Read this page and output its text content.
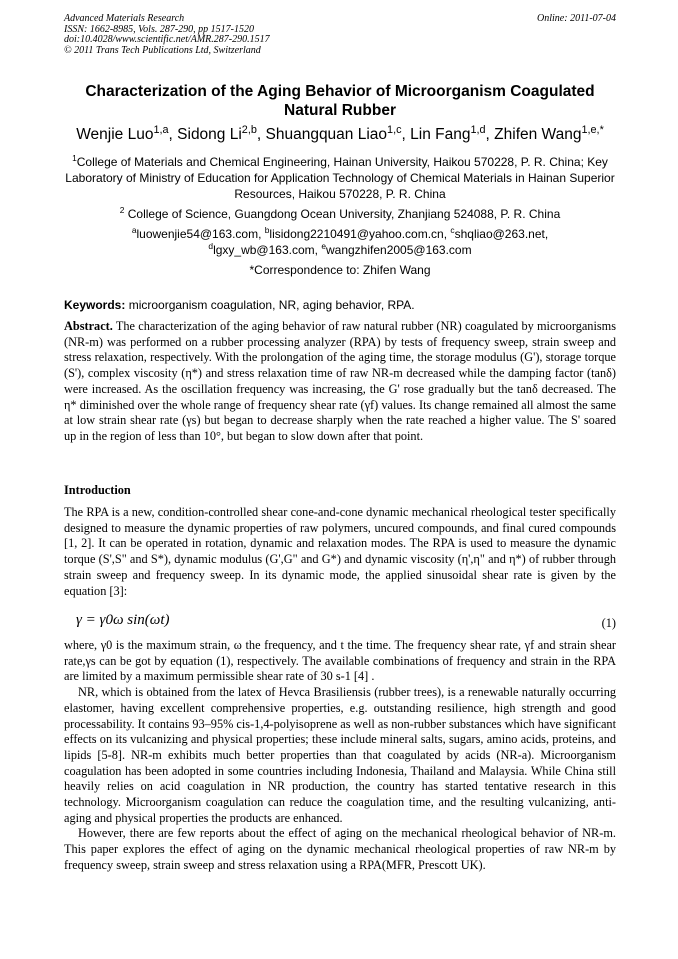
Advanced Materials Research
ISSN: 1662-8985, Vols. 287-290, pp 1517-1520
doi:10.4028/www.scientific.net/AMR.287-290.1517
© 2011 Trans Tech Publications Ltd, Switzerland
Online: 2011-07-04
Characterization of the Aging Behavior of Microorganism Coagulated Natural Rubber
Wenjie Luo$^{1,a}$, Sidong Li$^{2,b}$, Shuangquan Liao$^{1,c}$, Lin Fang$^{1,d}$, Zhifen Wang$^{1,e,*}$
$^1$College of Materials and Chemical Engineering, Hainan University, Haikou 570228, P. R. China; Key Laboratory of Ministry of Education for Application Technology of Chemical Materials in Hainan Superior Resources, Haikou 570228, P. R. China
$^2$ College of Science, Guangdong Ocean University, Zhanjiang 524088, P. R. China
$^a$luowenjie54@163.com, $^b$lisidong2210491@yahoo.com.cn, $^c$shqliao@263.net, $^d$lgxy_wb@163.com, $^e$wangzhifen2005@163.com
*Correspondence to: Zhifen Wang
Keywords: microorganism coagulation, NR, aging behavior, RPA.
Abstract. The characterization of the aging behavior of raw natural rubber (NR) coagulated by microorganisms (NR-m) was performed on a rubber processing analyzer (RPA) by tests of frequency sweep, strain sweep and stress relaxation, respectively. With the prolongation of the aging time, the storage modulus (G'), storage torque (S'), complex viscosity (η*) and stress relaxation time of raw NR-m decreased while the damping factor (tanδ) were increased. As the oscillation frequency was increasing, the G' rose gradually but the tanδ decreased. The η* diminished over the whole range of frequency shear rate (γf) values. Its change remained all almost the same at low strain shear rate (γs) but began to decrease sharply when the rate reached a higher value. The S' soared up in the region of less than 10°, but began to slow down after that point.
Introduction
The RPA is a new, condition-controlled shear cone-and-cone dynamic mechanical rheological tester specifically designed to measure the dynamic properties of raw polymers, uncured compounds, and final cured compounds [1, 2]. It can be operated in rotation, dynamic and relaxation modes. The RPA is used to measure the dynamic torque (S',S" and S*), dynamic modulus (G',G" and G*) and dynamic viscosity (η',η" and η*) of rubber through strain sweep and frequency sweep. In its dynamic mode, the applied sinusoidal shear rate is given by the equation [3]:
γ = γ0ω sin(ωt)	(1)

where, γ0 is the maximum strain, ω the frequency, and t the time. The frequency shear rate, γf and strain shear rate,γs can be got by equation (1), respectively. The available combinations of frequency and strain in the RPA are limited by a maximum permissible shear rate of 30 s-1 [4] .

NR, which is obtained from the latex of Hevca Brasiliensis (rubber trees), is a renewable naturally occurring elastomer, having excellent comprehensive properties, e.g. outstanding resilience, high strength and good processability. It contains 93–95% cis-1,4-polyisoprene as well as non-rubber substances which have significant effects on its vulcanizing and physical properties; these include mineral salts, sugars, amino acids, proteins, and lipids [5-8]. NR-m exhibits much better properties than that coagulated by acids (NR-a). Microorganism coagulation has been adopted in some countries including Indonesia, Thailand and Malaysia. While China still heavily relies on acid coagulation in NR production, the country has started tentative research in this technology. Microorganism coagulation can reduce the coagulation time, and the resulting vulcanizing, anti-aging and physical properties the products are enhanced.

However, there are few reports about the effect of aging on the mechanical rheological behavior of NR-m. This paper explores the effect of aging on the dynamic mechanical rheological properties of raw NR-m by frequency sweep, strain sweep and stress relaxation using a RPA(MFR, Prescott UK).
